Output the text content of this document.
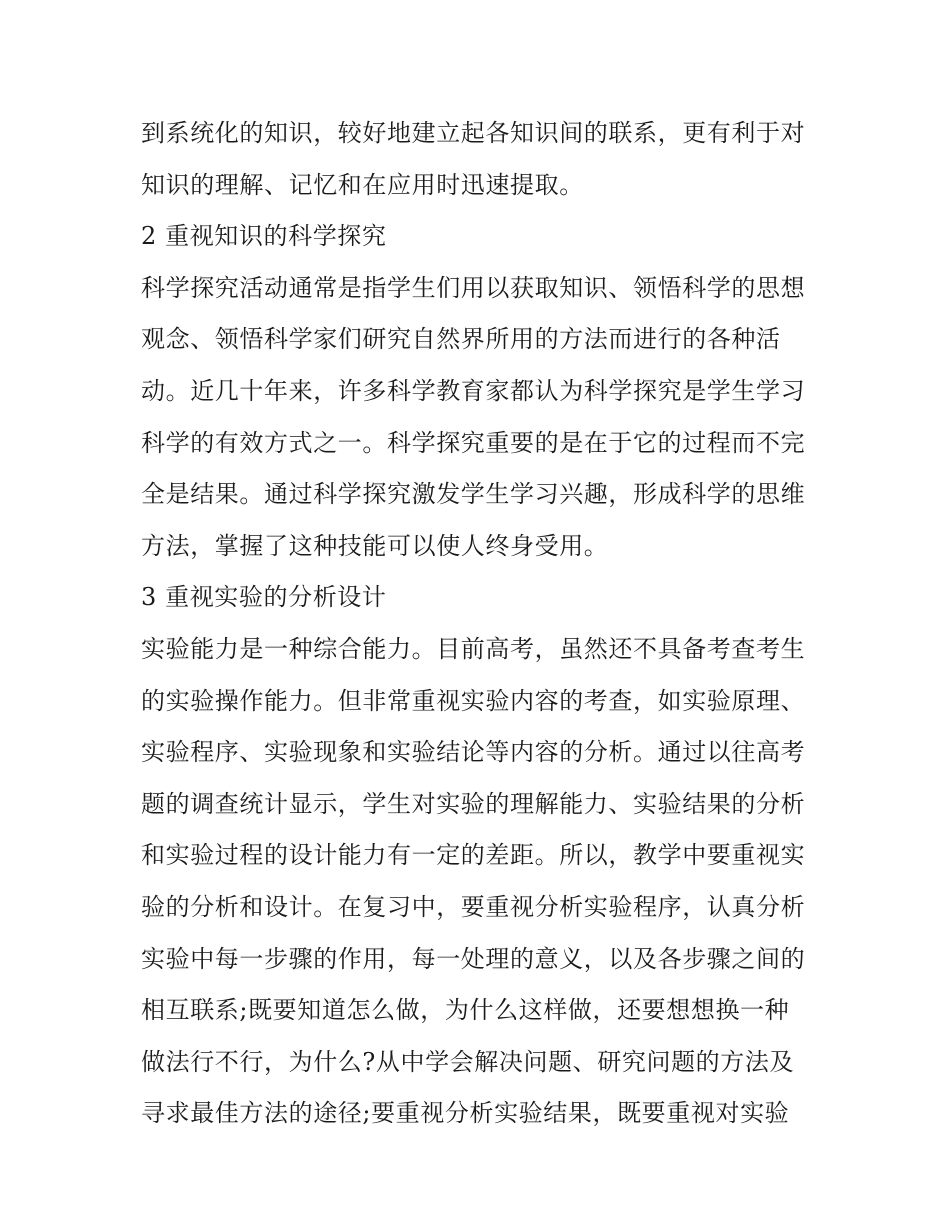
到系统化的知识，较好地建立起各知识间的联系，更有利于对
知识的理解、记忆和在应用时迅速提取。
2 重视知识的科学探究
科学探究活动通常是指学生们用以获取知识、领悟科学的思想
观念、领悟科学家们研究自然界所用的方法而进行的各种活
动。近几十年来，许多科学教育家都认为科学探究是学生学习
科学的有效方式之一。科学探究重要的是在于它的过程而不完
全是结果。通过科学探究激发学生学习兴趣，形成科学的思维
方法，掌握了这种技能可以使人终身受用。
3 重视实验的分析设计
实验能力是一种综合能力。目前高考，虽然还不具备考查考生
的实验操作能力。但非常重视实验内容的考查，如实验原理、
实验程序、实验现象和实验结论等内容的分析。通过以往高考
题的调查统计显示，学生对实验的理解能力、实验结果的分析
和实验过程的设计能力有一定的差距。所以，教学中要重视实
验的分析和设计。在复习中，要重视分析实验程序，认真分析
实验中每一步骤的作用，每一处理的意义，以及各步骤之间的
相互联系;既要知道怎么做，为什么这样做，还要想想换一种
做法行不行，为什么?从中学会解决问题、研究问题的方法及
寻求最佳方法的途径;要重视分析实验结果，既要重视对实验
